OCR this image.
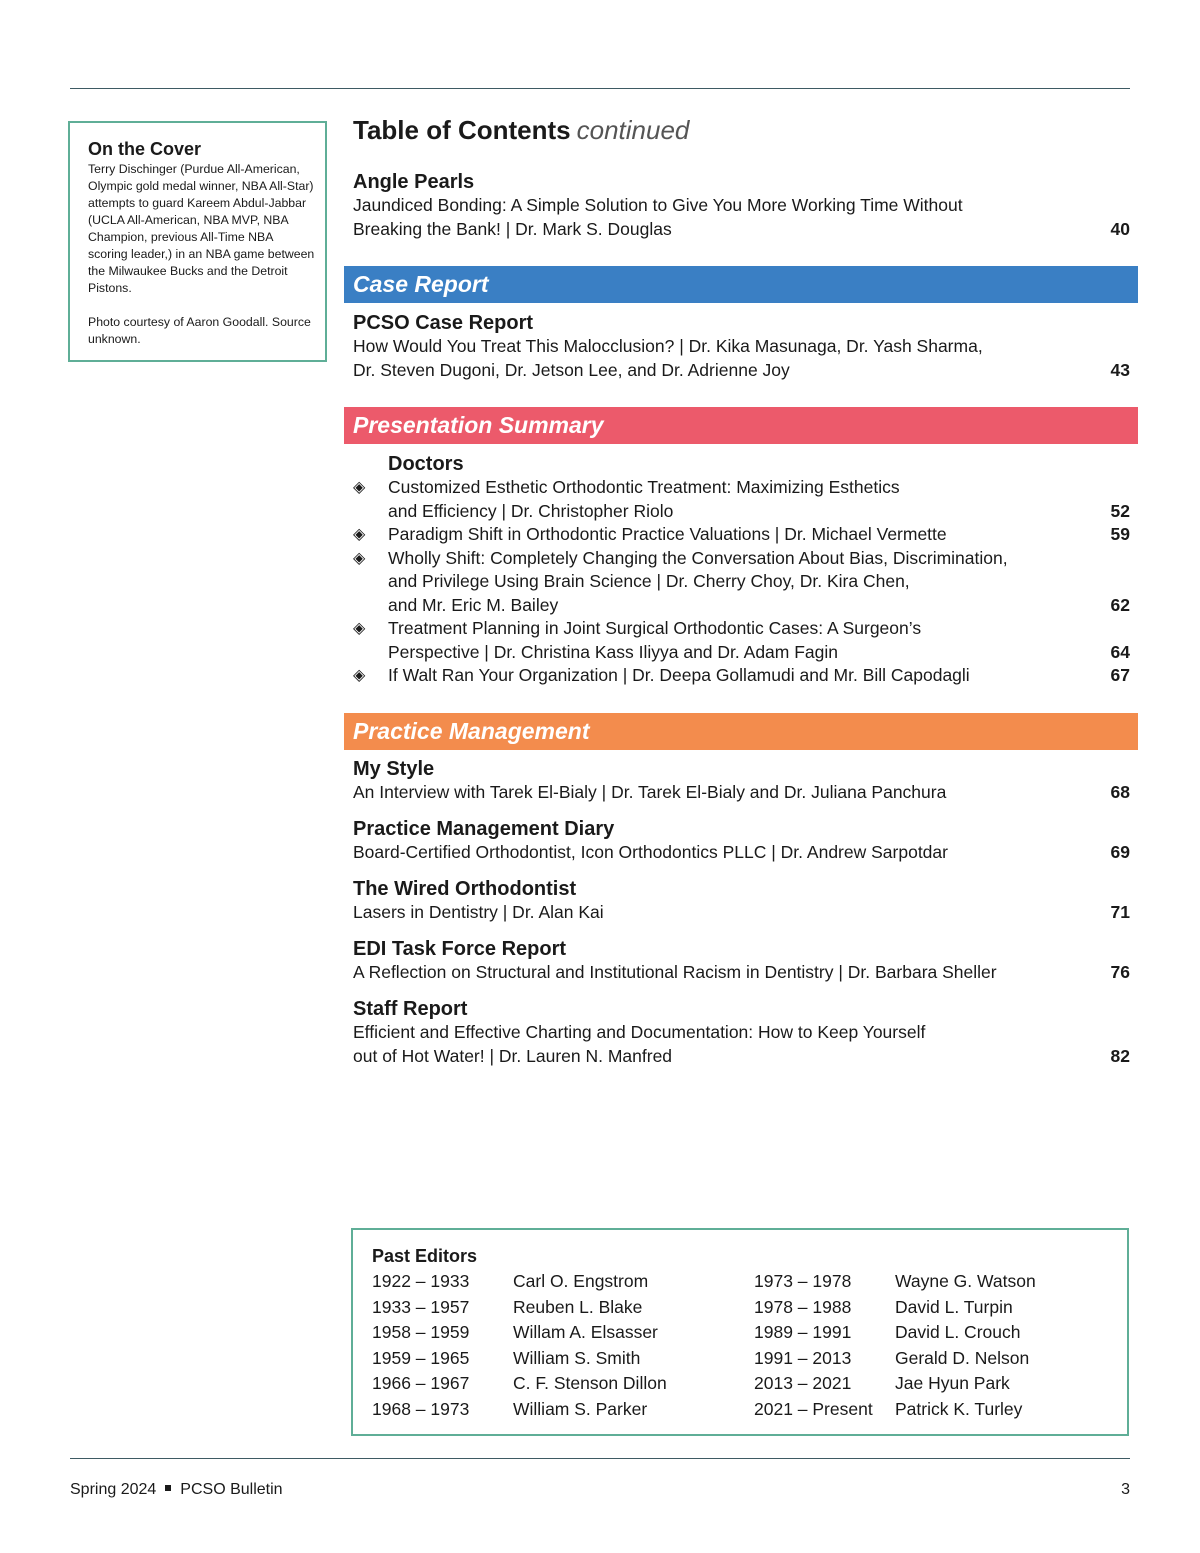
On the Cover

Terry Dischinger (Purdue All-American, Olympic gold medal winner, NBA All-Star) attempts to guard Kareem Abdul-Jabbar (UCLA All-American, NBA MVP, NBA Champion, previous All-Time NBA scoring leader,) in an NBA game between the Milwaukee Bucks and the Detroit Pistons.

Photo courtesy of Aaron Goodall. Source unknown.

Table of Contents continued
Angle Pearls
Jaundiced Bonding: A Simple Solution to Give You More Working Time Without
Breaking the Bank! | Dr. Mark S. Douglas	40
Case Report
PCSO Case Report
How Would You Treat This Malocclusion? | Dr. Kika Masunaga, Dr. Yash Sharma,
Dr. Steven Dugoni, Dr. Jetson Lee, and Dr. Adrienne Joy	43
Presentation Summary
Doctors
◈ Customized Esthetic Orthodontic Treatment: Maximizing Esthetics
and Efficiency | Dr. Christopher Riolo	52
◈ Paradigm Shift in Orthodontic Practice Valuations | Dr. Michael Vermette	59
◈ Wholly Shift: Completely Changing the Conversation About Bias, Discrimination,
and Privilege Using Brain Science | Dr. Cherry Choy, Dr. Kira Chen,
and Mr. Eric M. Bailey	62
◈ Treatment Planning in Joint Surgical Orthodontic Cases: A Surgeon’s
Perspective | Dr. Christina Kass Iliyya and Dr. Adam Fagin	64
◈ If Walt Ran Your Organization | Dr. Deepa Gollamudi and Mr. Bill Capodagli	67
Practice Management
My Style
An Interview with Tarek El-Bialy | Dr. Tarek El-Bialy and Dr. Juliana Panchura	68
Practice Management Diary
Board-Certified Orthodontist, Icon Orthodontics PLLC | Dr. Andrew Sarpotdar	69
The Wired Orthodontist
Lasers in Dentistry | Dr. Alan Kai	71
EDI Task Force Report
A Reflection on Structural and Institutional Racism in Dentistry | Dr. Barbara Sheller	76
Staff Report
Efficient and Effective Charting and Documentation: How to Keep Yourself
out of Hot Water! | Dr. Lauren N. Manfred	82
Past Editors
1922 – 1933 Carl O. Engstrom	1973 – 1978 Wayne G. Watson
1933 – 1957 Reuben L. Blake	1978 – 1988 David L. Turpin
1958 – 1959 Willam A. Elsasser	1989 – 1991 David L. Crouch
1959 – 1965 William S. Smith	1991 – 2013 Gerald D. Nelson
1966 – 1967 C. F. Stenson Dillon	2013 – 2021 Jae Hyun Park
1968 – 1973 William S. Parker	2021 – Present Patrick K. Turley
Spring 2024 PCSO Bulletin	3
